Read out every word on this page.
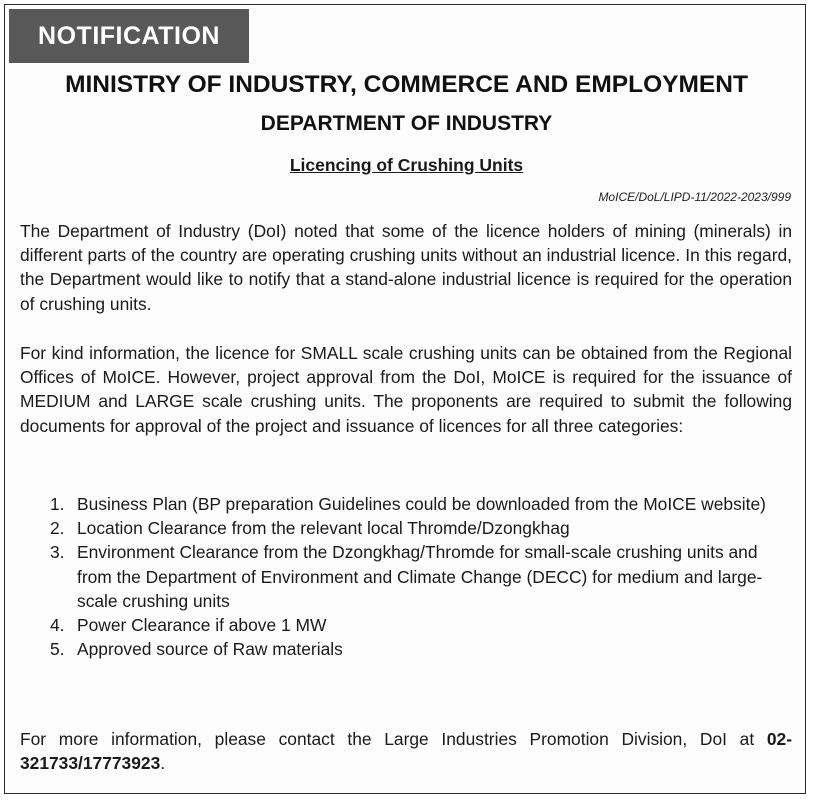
NOTIFICATION
MINISTRY OF INDUSTRY, COMMERCE AND EMPLOYMENT
DEPARTMENT OF INDUSTRY
Licencing of Crushing Units
MoICE/DoL/LIPD-11/2022-2023/999
The Department of Industry (DoI) noted that some of the licence holders of mining (minerals) in different parts of the country are operating crushing units without an industrial licence. In this regard, the Department would like to notify that a stand-alone industrial licence is required for the operation of crushing units.
For kind information, the licence for SMALL scale crushing units can be obtained from the Regional Offices of MoICE. However, project approval from the DoI, MoICE is required for the issuance of MEDIUM and LARGE scale crushing units. The proponents are required to submit the following documents for approval of the project and issuance of licences for all three categories:
1. Business Plan (BP preparation Guidelines could be downloaded from the MoICE website)
2. Location Clearance from the relevant local Thromde/Dzongkhag
3. Environment Clearance from the Dzongkhag/Thromde for small-scale crushing units and from the Department of Environment and Climate Change (DECC) for medium and large-scale crushing units
4. Power Clearance if above 1 MW
5. Approved source of Raw materials
For more information, please contact the Large Industries Promotion Division, DoI at 02-321733/17773923.
